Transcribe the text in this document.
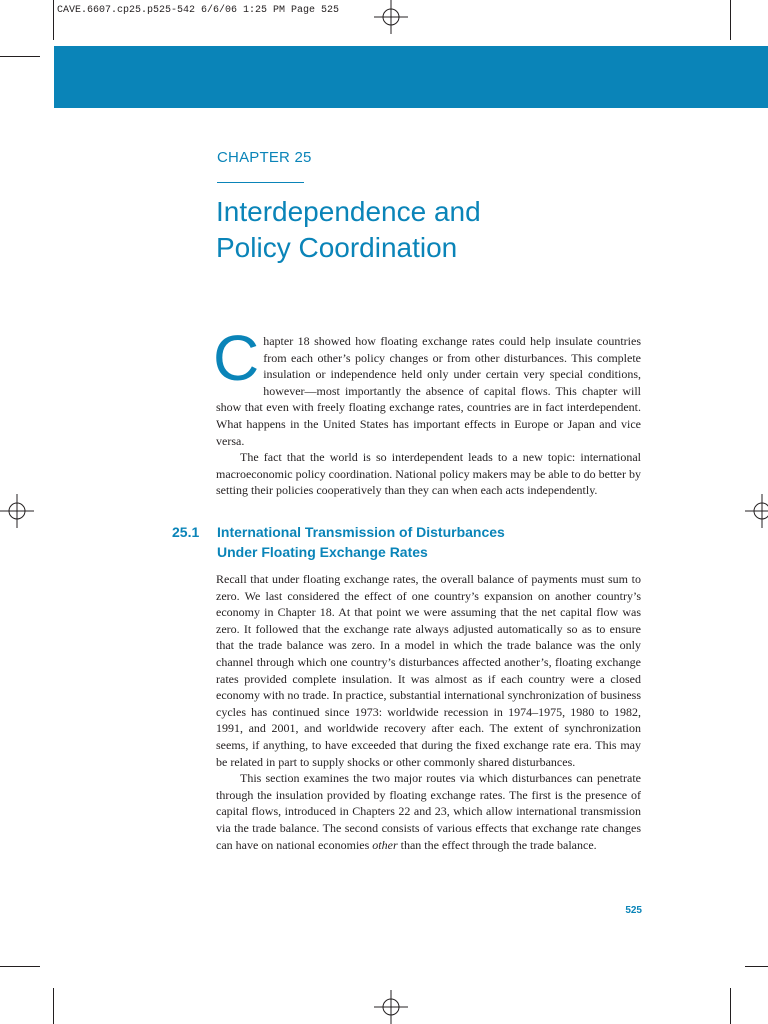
CAVE.6607.cp25.p525-542 6/6/06 1:25 PM Page 525
CHAPTER 25
Interdependence and
Policy Coordination

Chapter 18 showed how floating exchange rates could help insulate countries from each other’s policy changes or from other disturbances. This complete insulation or independence held only under certain very special conditions, however—most importantly the absence of capital flows. This chapter will show that even with freely floating exchange rates, countries are in fact interdependent. What happens in the United States has important effects in Europe or Japan and vice versa.

The fact that the world is so interdependent leads to a new topic: international macroeconomic policy coordination. National policy makers may be able to do better by setting their policies cooperatively than they can when each acts independently.

25.1 International Transmission of Disturbances
Under Floating Exchange Rates

Recall that under floating exchange rates, the overall balance of payments must sum to zero. We last considered the effect of one country’s expansion on another country’s economy in Chapter 18. At that point we were assuming that the net capital flow was zero. It followed that the exchange rate always adjusted automatically so as to ensure that the trade balance was zero. In a model in which the trade balance was the only channel through which one country’s disturbances affected another’s, floating exchange rates provided complete insulation. It was almost as if each country were a closed economy with no trade. In practice, substantial international synchronization of business cycles has continued since 1973: worldwide recession in 1974–1975, 1980 to 1982, 1991, and 2001, and worldwide recovery after each. The extent of synchronization seems, if anything, to have exceeded that during the fixed exchange rate era. This may be related in part to supply shocks or other commonly shared disturbances.

This section examines the two major routes via which disturbances can penetrate through the insulation provided by floating exchange rates. The first is the presence of capital flows, introduced in Chapters 22 and 23, which allow international transmission via the trade balance. The second consists of various effects that exchange rate changes can have on national economies other than the effect through the trade balance.

525
